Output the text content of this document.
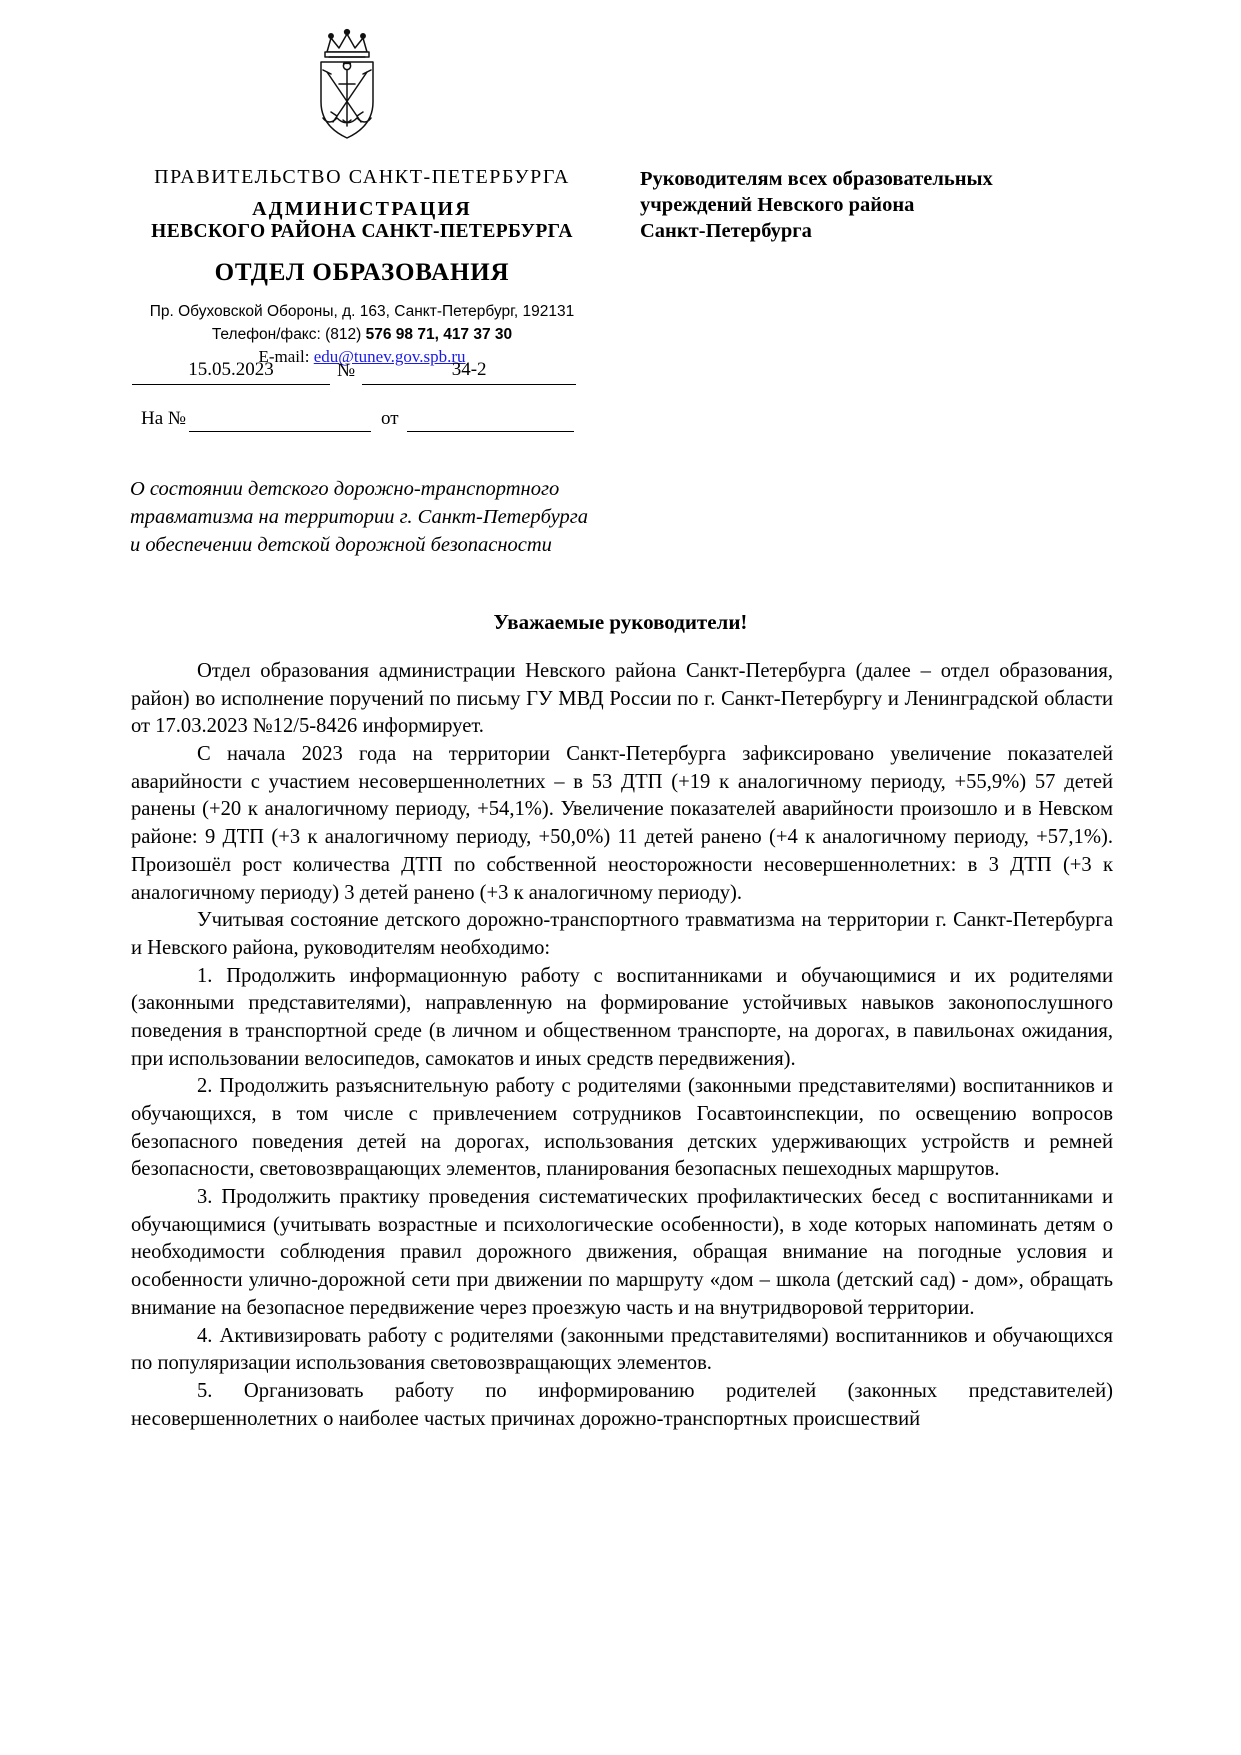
ПРАВИТЕЛЬСТВО САНКТ-ПЕТЕРБУРГА
АДМИНИСТРАЦИЯ
НЕВСКОГО РАЙОНА САНКТ-ПЕТЕРБУРГА
ОТДЕЛ ОБРАЗОВАНИЯ
Пр. Обуховской Обороны, д. 163, Санкт-Петербург, 192131
Телефон/факс: (812) 576 98 71, 417 37 30
E-mail: edu@tunev.gov.spb.ru
Руководителям всех образовательных
учреждений Невского района
Санкт-Петербурга
15.05.2023	№	34-2
На №	от
О состоянии детского дорожно-транспортного
травматизма на территории г. Санкт-Петербурга
и обеспечении детской дорожной безопасности
Уважаемые руководители!

Отдел образования администрации Невского района Санкт-Петербурга (далее – отдел образования, район) во исполнение поручений по письму ГУ МВД России по г. Санкт-Петербургу и Ленинградской области от 17.03.2023 №12/5-8426 информирует.

С начала 2023 года на территории Санкт-Петербурга зафиксировано увеличение показателей аварийности с участием несовершеннолетних – в 53 ДТП (+19 к аналогичному периоду, +55,9%) 57 детей ранены (+20 к аналогичному периоду, +54,1%). Увеличение показателей аварийности произошло и в Невском районе: 9 ДТП (+3 к аналогичному периоду, +50,0%) 11 детей ранено (+4 к аналогичному периоду, +57,1%). Произошёл рост количества ДТП по собственной неосторожности несовершеннолетних: в 3 ДТП (+3 к аналогичному периоду) 3 детей ранено (+3 к аналогичному периоду).

Учитывая состояние детского дорожно-транспортного травматизма на территории г. Санкт-Петербурга и Невского района, руководителям необходимо:

1. Продолжить информационную работу с воспитанниками и обучающимися и их родителями (законными представителями), направленную на формирование устойчивых навыков законопослушного поведения в транспортной среде (в личном и общественном транспорте, на дорогах, в павильонах ожидания, при использовании велосипедов, самокатов и иных средств передвижения).

2. Продолжить разъяснительную работу с родителями (законными представителями) воспитанников и обучающихся, в том числе с привлечением сотрудников Госавтоинспекции, по освещению вопросов безопасного поведения детей на дорогах, использования детских удерживающих устройств и ремней безопасности, световозвращающих элементов, планирования безопасных пешеходных маршрутов.

3. Продолжить практику проведения систематических профилактических бесед с воспитанниками и обучающимися (учитывать возрастные и психологические особенности), в ходе которых напоминать детям о необходимости соблюдения правил дорожного движения, обращая внимание на погодные условия и особенности улично-дорожной сети при движении по маршруту «дом – школа (детский сад) - дом», обращать внимание на безопасное передвижение через проезжую часть и на внутридворовой территории.

4. Активизировать работу с родителями (законными представителями) воспитанников и обучающихся по популяризации использования световозвращающих элементов.

5. Организовать работу по информированию родителей (законных представителей) несовершеннолетних о наиболее частых причинах дорожно-транспортных происшествий
